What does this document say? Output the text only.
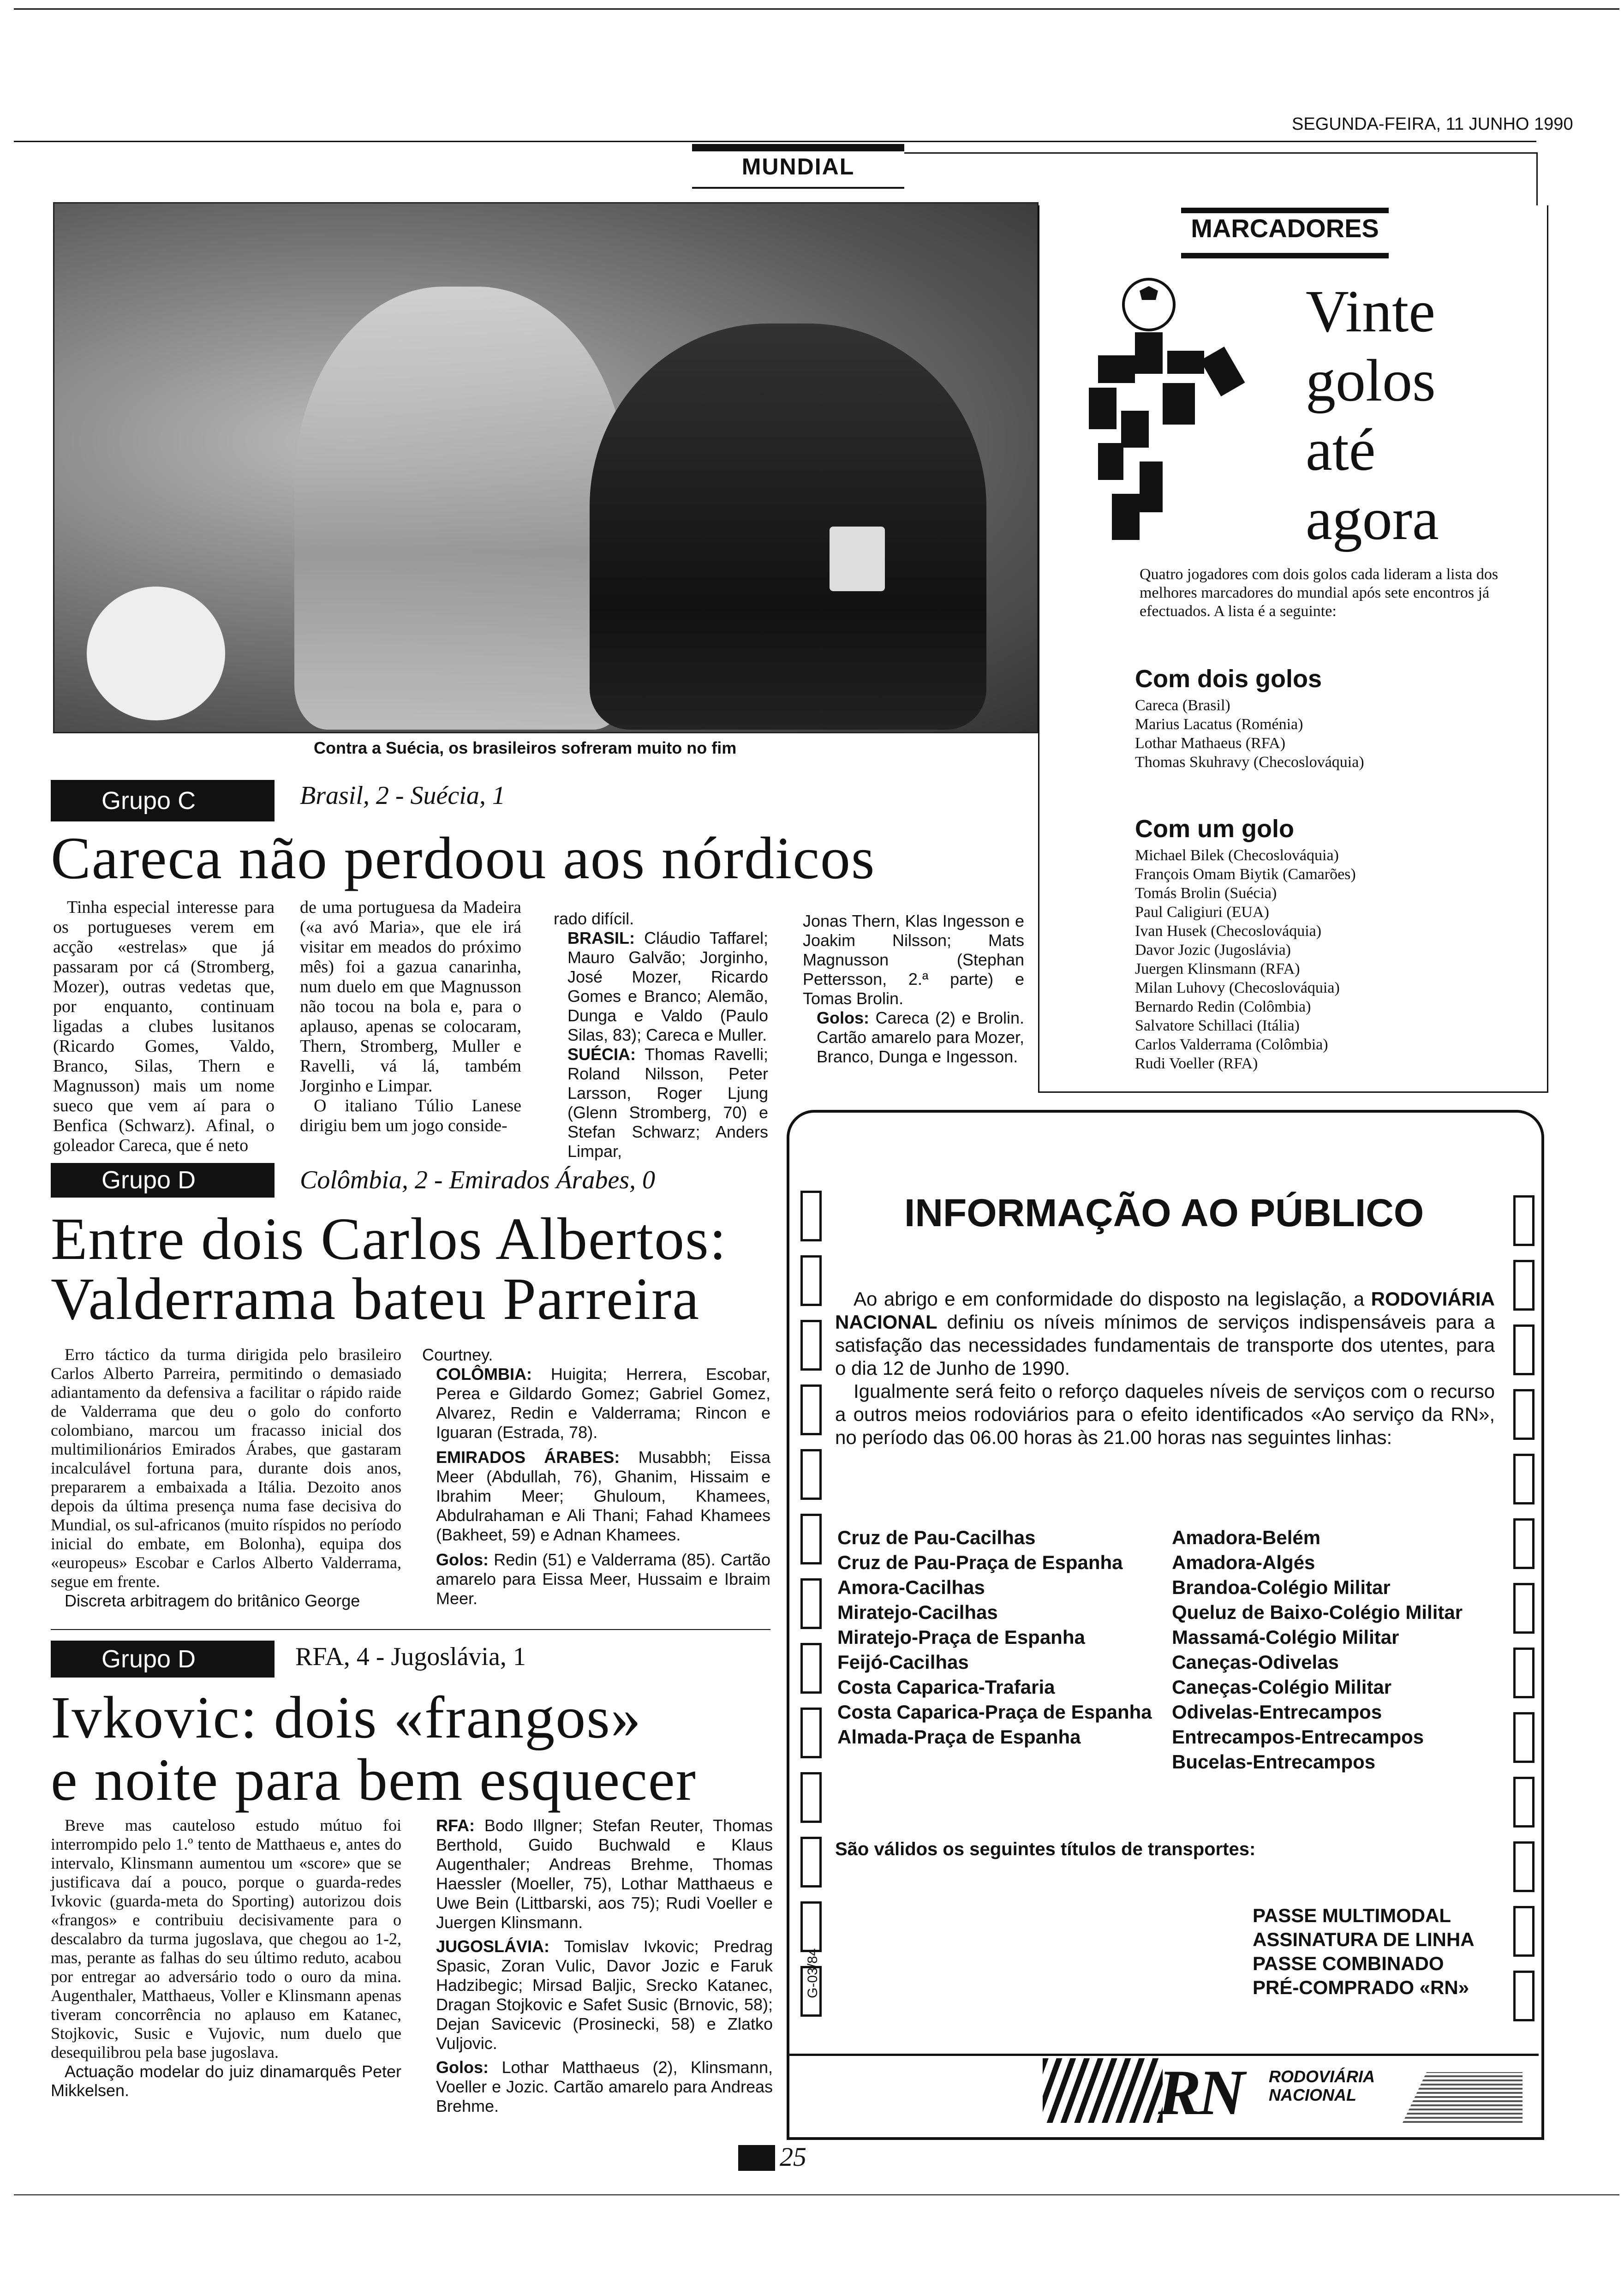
SEGUNDA-FEIRA, 11 JUNHO 1990
MUNDIAL
Contra a Suécia, os brasileiros sofreram muito no fim
Grupo C	Brasil, 2 - Suécia, 1
Careca não perdoou aos nórdicos

Tinha especial interesse para os portugueses verem em acção «estrelas» que já passaram por cá (Stromberg, Mozer), outras vedetas que, por enquanto, continuam ligadas a clubes lusitanos (Ricardo Gomes, Valdo, Branco, Silas, Thern e Magnusson) mais um nome sueco que vem aí para o Benfica (Schwarz). Afinal, o goleador Careca, que é neto

de uma portuguesa da Madeira («a avó Maria», que ele irá visitar em meados do próximo mês) foi a gazua canarinha, num duelo em que Magnusson não tocou na bola e, para o aplauso, apenas se colocaram, Thern, Stromberg, Muller e Ravelli, vá lá, também Jorginho e Limpar.

O italiano Túlio Lanese dirigiu bem um jogo conside-

rado difícil.
BRASIL: Cláudio Taffarel; Mauro Galvão; Jorginho, José Mozer, Ricardo Gomes e Branco; Alemão, Dunga e Valdo (Paulo Silas, 83); Careca e Muller.
SUÉCIA: Thomas Ravelli; Roland Nilsson, Peter Larsson, Roger Ljung (Glenn Stromberg, 70) e Stefan Schwarz; Anders Limpar,
Jonas Thern, Klas Ingesson e Joakim Nilsson; Mats Magnusson (Stephan Pettersson, 2.ª parte) e Tomas Brolin.
Golos: Careca (2) e Brolin. Cartão amarelo para Mozer, Branco, Dunga e Ingesson.
Grupo D	Colômbia, 2 - Emirados Árabes, 0
Entre dois Carlos Albertos:
Valderrama bateu Parreira

Erro táctico da turma dirigida pelo brasileiro Carlos Alberto Parreira, permitindo o demasiado adiantamento da defensiva a facilitar o rápido raide de Valderrama que deu o golo do conforto colombiano, marcou um fracasso inicial dos multimilionários Emirados Árabes, que gastaram incalculável fortuna para, durante dois anos, prepararem a embaixada a Itália. Dezoito anos depois da última presença numa fase decisiva do Mundial, os sul-africanos (muito ríspidos no período inicial do embate, em Bolonha), equipa dos «europeus» Escobar e Carlos Alberto Valderrama, segue em frente.

Discreta arbitragem do britânico George

Courtney.
COLÔMBIA: Huigita; Herrera, Escobar, Perea e Gildardo Gomez; Gabriel Gomez, Alvarez, Redin e Valderrama; Rincon e Iguaran (Estrada, 78).
EMIRADOS ÁRABES: Musabbh; Eissa Meer (Abdullah, 76), Ghanim, Hissaim e Ibrahim Meer; Ghuloum, Khamees, Abdulrahaman e Ali Thani; Fahad Khamees (Bakheet, 59) e Adnan Khamees.
Golos: Redin (51) e Valderrama (85). Cartão amarelo para Eissa Meer, Hussaim e Ibraim Meer.
Grupo D	RFA, 4 - Jugoslávia, 1
Ivkovic: dois «frangos»
e noite para bem esquecer

Breve mas cauteloso estudo mútuo foi interrompido pelo 1.º tento de Matthaeus e, antes do intervalo, Klinsmann aumentou um «score» que se justificava daí a pouco, porque o guarda-redes Ivkovic (guarda-meta do Sporting) autorizou dois «frangos» e contribuiu decisivamente para o descalabro da turma jugoslava, que chegou ao 1-2, mas, perante as falhas do seu último reduto, acabou por entregar ao adversário todo o ouro da mina. Augenthaler, Matthaeus, Voller e Klinsmann apenas tiveram concorrência no aplauso em Katanec, Stojkovic, Susic e Vujovic, num duelo que desequilibrou pela base jugoslava.

Actuação modelar do juiz dinamarquês Peter Mikkelsen.

RFA: Bodo Illgner; Stefan Reuter, Thomas Berthold, Guido Buchwald e Klaus Augenthaler; Andreas Brehme, Thomas Haessler (Moeller, 75), Lothar Matthaeus e Uwe Bein (Littbarski, aos 75); Rudi Voeller e Juergen Klinsmann.
JUGOSLÁVIA: Tomislav Ivkovic; Predrag Spasic, Zoran Vulic, Davor Jozic e Faruk Hadzibegic; Mirsad Baljic, Srecko Katanec, Dragan Stojkovic e Safet Susic (Brnovic, 58); Dejan Savicevic (Prosinecki, 58) e Zlatko Vuljovic.
Golos: Lothar Matthaeus (2), Klinsmann, Voeller e Jozic. Cartão amarelo para Andreas Brehme.
MARCADORES
Vinte
golos
até
agora
Quatro jogadores com dois golos cada lideram a lista dos melhores marcadores do mundial após sete encontros já efectuados. A lista é a seguinte:
Com dois golos
Careca (Brasil)
Marius Lacatus (Roménia)
Lothar Mathaeus (RFA)
Thomas Skuhravy (Checoslováquia)
Com um golo
Michael Bilek (Checoslováquia)
François Omam Biytik (Camarões)
Tomás Brolin (Suécia)
Paul Caligiuri (EUA)
Ivan Husek (Checoslováquia)
Davor Jozic (Jugoslávia)
Juergen Klinsmann (RFA)
Milan Luhovy (Checoslováquia)
Bernardo Redin (Colômbia)
Salvatore Schillaci (Itália)
Carlos Valderrama (Colômbia)
Rudi Voeller (RFA)
INFORMAÇÃO AO PÚBLICO
Ao abrigo e em conformidade do disposto na legislação, a RODOVIÁRIA NACIONAL definiu os níveis mínimos de serviços indispensáveis para a satisfação das necessidades fundamentais de transporte dos utentes, para o dia 12 de Junho de 1990.
Igualmente será feito o reforço daqueles níveis de serviços com o recurso a outros meios rodoviários para o efeito identificados «Ao serviço da RN», no período das 06.00 horas às 21.00 horas nas seguintes linhas:
Cruz de Pau-Cacilhas
Cruz de Pau-Praça de Espanha
Amora-Cacilhas
Miratejo-Cacilhas
Miratejo-Praça de Espanha
Feijó-Cacilhas
Costa Caparica-Trafaria
Costa Caparica-Praça de Espanha
Almada-Praça de Espanha
Amadora-Belém
Amadora-Algés
Brandoa-Colégio Militar
Queluz de Baixo-Colégio Militar
Massamá-Colégio Militar
Caneças-Odivelas
Caneças-Colégio Militar
Odivelas-Entrecampos
Entrecampos-Entrecampos
Bucelas-Entrecampos
São válidos os seguintes títulos de transportes:
PASSE MULTIMODAL
ASSINATURA DE LINHA
PASSE COMBINADO
PRÉ-COMPRADO «RN»
G-03/84
RN RODOVIÁRIA
NACIONAL
25
